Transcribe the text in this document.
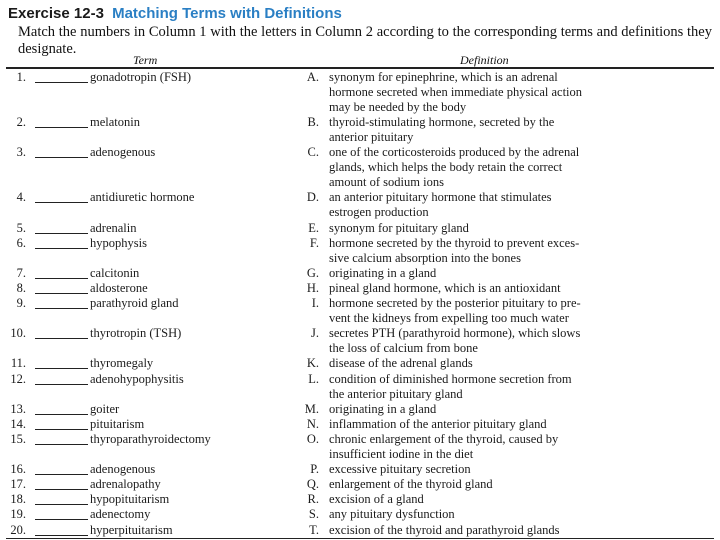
Exercise 12-3 Matching Terms with Definitions
Match the numbers in Column 1 with the letters in Column 2 according to the corresponding terms and definitions they designate.
Term	Definition
1.	gonadotropin (FSH)	A. synonym for epinephrine, which is an adrenal
hormone secreted when immediate physical action
may be needed by the body
2.	melatonin	B. thyroid-stimulating hormone, secreted by the
anterior pituitary
3.	adenogenous	C. one of the corticosteroids produced by the adrenal
glands, which helps the body retain the correct
amount of sodium ions
4.	antidiuretic hormone	D. an anterior pituitary hormone that stimulates
estrogen production
5.	adrenalin	E. synonym for pituitary gland
6.	hypophysis	F. hormone secreted by the thyroid to prevent exces-
sive calcium absorption into the bones
7.	calcitonin	G. originating in a gland
8.	aldosterone	H. pineal gland hormone, which is an antioxidant
9.	parathyroid gland	I. hormone secreted by the posterior pituitary to pre-
vent the kidneys from expelling too much water
10.	thyrotropin (TSH)	J. secretes PTH (parathyroid hormone), which slows
the loss of calcium from bone
11.	thyromegaly	K. disease of the adrenal glands
12.	adenohypophysitis	L. condition of diminished hormone secretion from
the anterior pituitary gland
13.	goiter	M. originating in a gland
14.	pituitarism	N. inflammation of the anterior pituitary gland
15.	thyroparathyroidectomy	O. chronic enlargement of the thyroid, caused by
insufficient iodine in the diet
16.	adenogenous	P. excessive pituitary secretion
17.	adrenalopathy	Q. enlargement of the thyroid gland
18.	hypopituitarism	R. excision of a gland
19.	adenectomy	S. any pituitary dysfunction
20.	hyperpituitarism	T. excision of the thyroid and parathyroid glands
